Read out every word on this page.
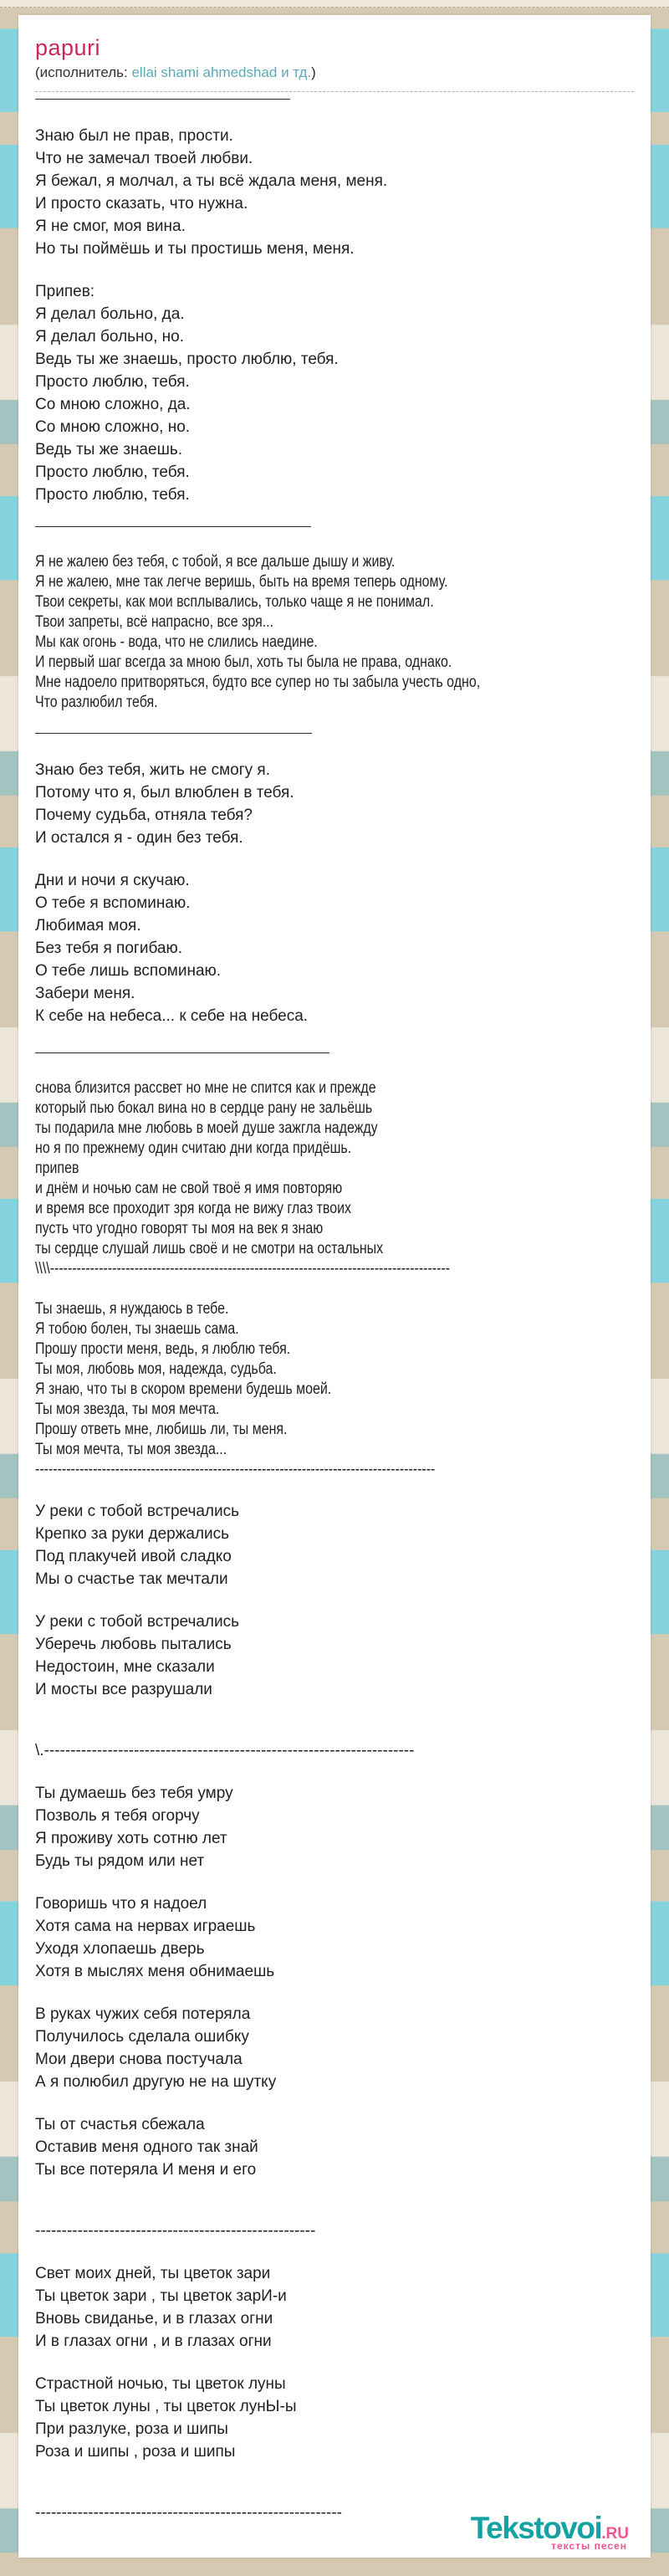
papuri
(исполнитель: ellai shami ahmedshad и тд.)
Знаю был не прав, прости.
Что не замечал твоей любви.
Я бежал, я молчал, а ты всё ждала меня, меня.
И просто сказать, что нужна.
Я не смог, моя вина.
Но ты поймёшь и ты простишь меня, меня.
Припев:
Я делал больно, да.
Я делал больно, но.
Ведь ты же знаешь, просто люблю, тебя.
Просто люблю, тебя.
Со мною сложно, да.
Со мною сложно, но.
Ведь ты же знаешь.
Просто люблю, тебя.
Просто люблю, тебя.
Я не жалею без тебя, с тобой, я все дальше дышу и живу.
Я не жалею, мне так легче веришь, быть на время теперь одному.
Твои секреты, как мои всплывались, только чаще я не понимал.
Твои запреты, всё напрасно, все зря...
Мы как огонь - вода, что не слились наедине.
И первый шаг всегда за мною был, хоть ты была не права, однако.
Мне надоело притворяться, будто все супер но ты забыла учесть одно,
Что разлюбил тебя.
Знаю без тебя, жить не смогу я.
Потому что я, был влюблен в тебя.
Почему судьба, отняла тебя?
И остался я - один без тебя.
Дни и ночи я скучаю.
О тебе я вспоминаю.
Любимая моя.
Без тебя я погибаю.
О тебе лишь вспоминаю.
Забери меня.
К себе на небеса... к себе на небеса.
снова близится рассвет но мне не спится как и прежде
который пью бокал вина но в сердце рану не зальёшь
ты подарила мне любовь в моей душе зажгла надежду
но я по прежнему один считаю дни когда придёшь.
припев
и днём и ночью сам не свой твоё я имя повторяю
и время все проходит зря когда не вижу глаз твоих
пусть что угодно говорят ты моя на век я знаю
ты сердце слушай лишь своё и не смотри на остальных
\\\\------------------------------------------------------------------------------------------
Ты знаешь, я нуждаюсь в тебе.
Я тобою болен, ты знаешь сама.
Прошу прости меня, ведь, я люблю тебя.
Ты моя, любовь моя, надежда, судьба.
Я знаю, что ты в скором времени будешь моей.
Ты моя звезда, ты моя мечта.
Прошу ответь мне, любишь ли, ты меня.
Ты моя мечта, ты моя звезда...
------------------------------------------------------------------------------------------
У реки с тобой встречались
Крепко за руки держались
Под плакучей ивой сладко
Мы о счастье так мечтали
У реки с тобой встречались
Уберечь любовь пытались
Недостоин, мне сказали
И мосты все разрушали
\.----------------------------------------------------------------------
Ты думаешь без тебя умру
Позволь я тебя огорчу
Я проживу хоть сотню лет
Будь ты рядом или нет
Говоришь что я надоел
Хотя сама на нервах играешь
Уходя хлопаешь дверь
Хотя в мыслях меня обнимаешь
В руках чужих себя потеряла
Получилось сделала ошибку
Мои двери снова постучала
А я полюбил другую не на шутку
Ты от счастья сбежала
Оставив меня одного так знай
Ты все потеряла И меня и его
-----------------------------------------------------
Свет моих дней, ты цветок зари
Ты цветок зари , ты цветок зарИ-и
Вновь свиданье, и в глазах огни
И в глазах огни , и в глазах огни
Страстной ночью, ты цветок луны
Ты цветок луны , ты цветок лунЫ-ы
При разлуке, роза и шипы
Роза и шипы , роза и шипы
----------------------------------------------------------	Tekstovoi.RU
тексты песен
